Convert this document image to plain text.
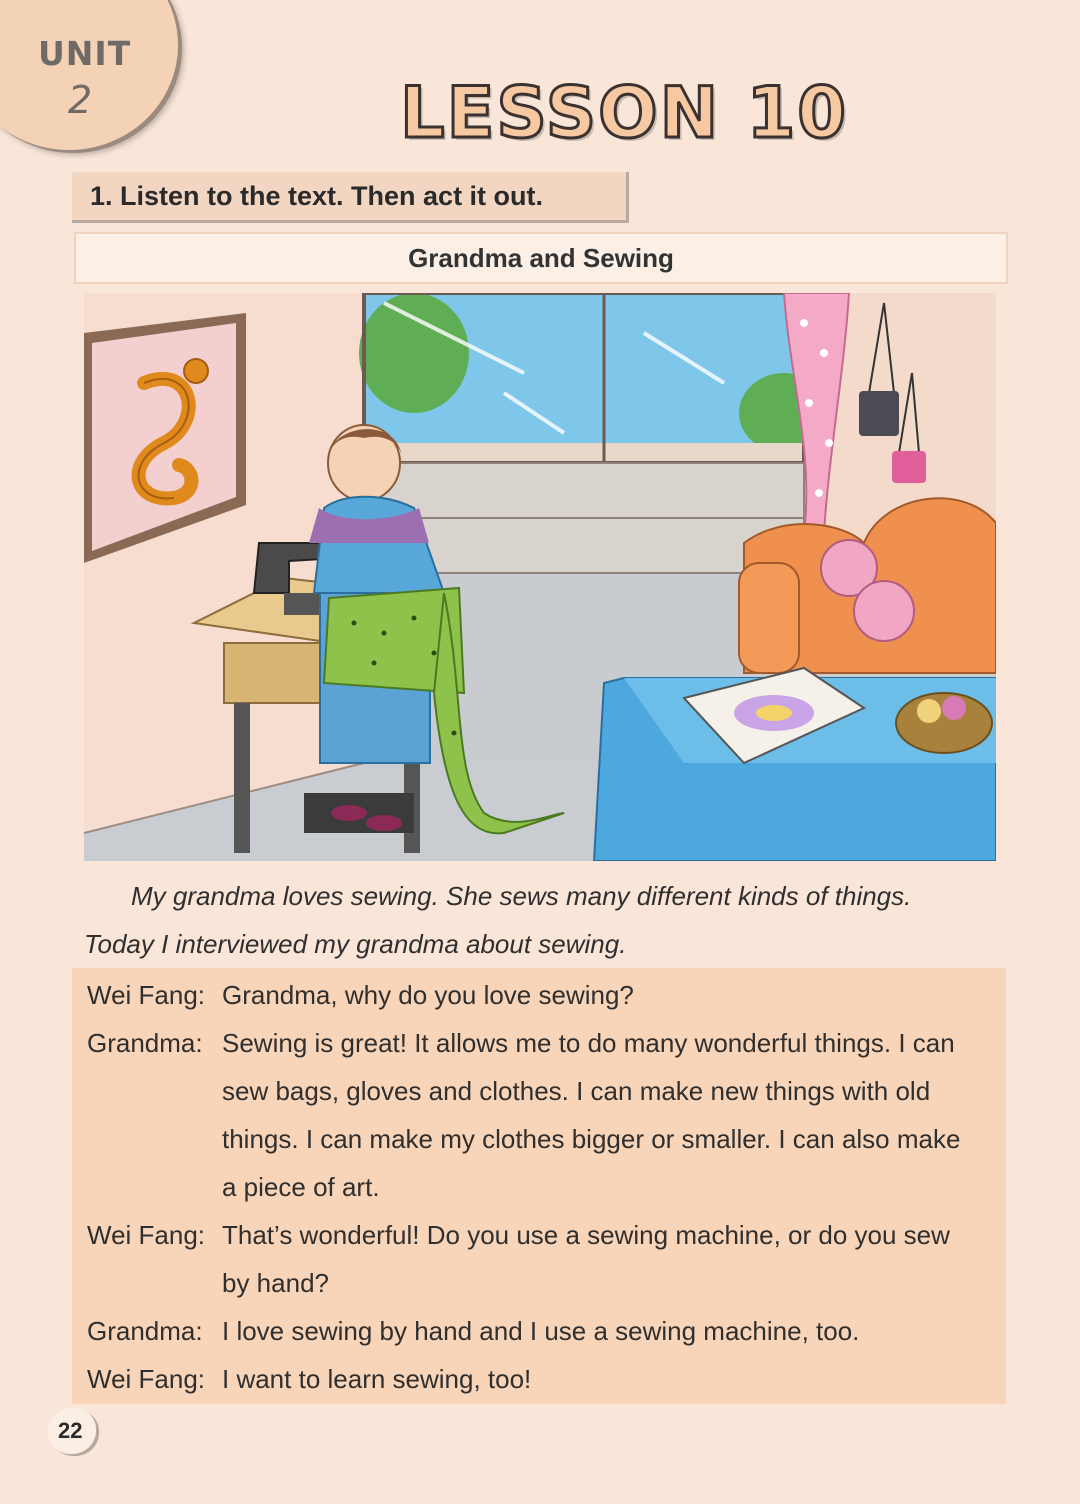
UNIT
2	LESSON 10
1. Listen to the text. Then act it out.
Grandma and Sewing
My grandma loves sewing. She sews many different kinds of things.
Today I interviewed my grandma about sewing.
Wei Fang: Grandma, why do you love sewing?
Grandma: Sewing is great! It allows me to do many wonderful things. I can
sew bags, gloves and clothes. I can make new things with old
things. I can make my clothes bigger or smaller. I can also make
a piece of art.
Wei Fang: That’s wonderful! Do you use a sewing machine, or do you sew
by hand?
Grandma: I love sewing by hand and I use a sewing machine, too.
Wei Fang: I want to learn sewing, too!
22
